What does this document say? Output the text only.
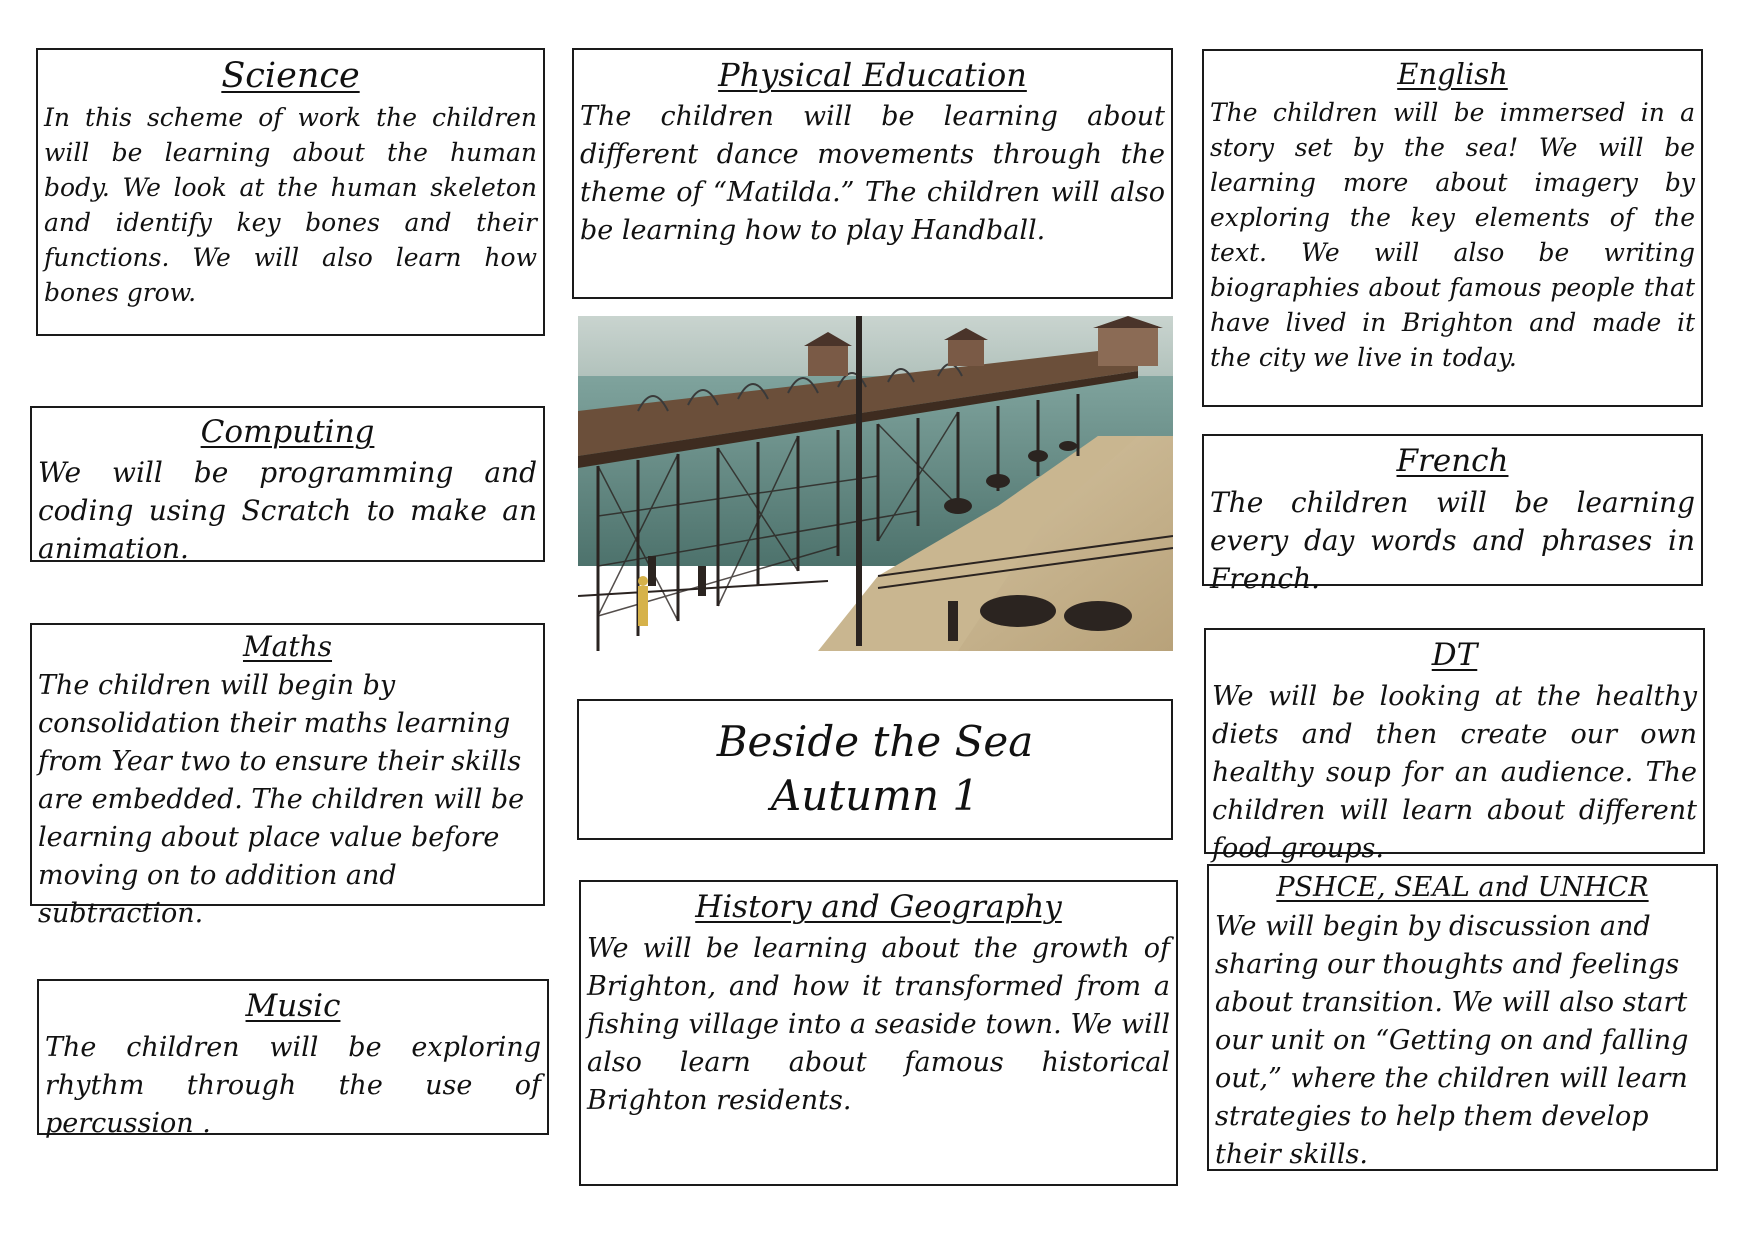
Science

In this scheme of work the children will be learning about the human body. We look at the human skeleton and identify key bones and their functions. We will also learn how bones grow.

Physical Education

The children will be learning about different dance movements through the theme of “Matilda.” The children will also be learning how to play Handball.

English

The children will be immersed in a story set by the sea! We will be learning more about imagery by exploring the key elements of the text. We will also be writing biographies about famous people that have lived in Brighton and made it the city we live in today.

Computing

We will be programming and coding using Scratch to make an animation.

French

The children will be learning every day words and phrases in French.

Maths

The children will begin by consolidation their maths learning from Year two to ensure their skills are embedded. The children will be learning about place value before moving on to addition and subtraction.

DT

We will be looking at the healthy diets and then create our own healthy soup for an audience. The children will learn about different food groups.

Beside the Sea
Autumn 1
History and Geography

We will be learning about the growth of Brighton, and how it transformed from a fishing village into a seaside town. We will also learn about famous historical Brighton residents.

PSHCE, SEAL and UNHCR

We will begin by discussion and sharing our thoughts and feelings about transition. We will also start our unit on “Getting on and falling out,” where the children will learn strategies to help them develop their skills.

Music

The children will be exploring rhythm through the use of percussion .
